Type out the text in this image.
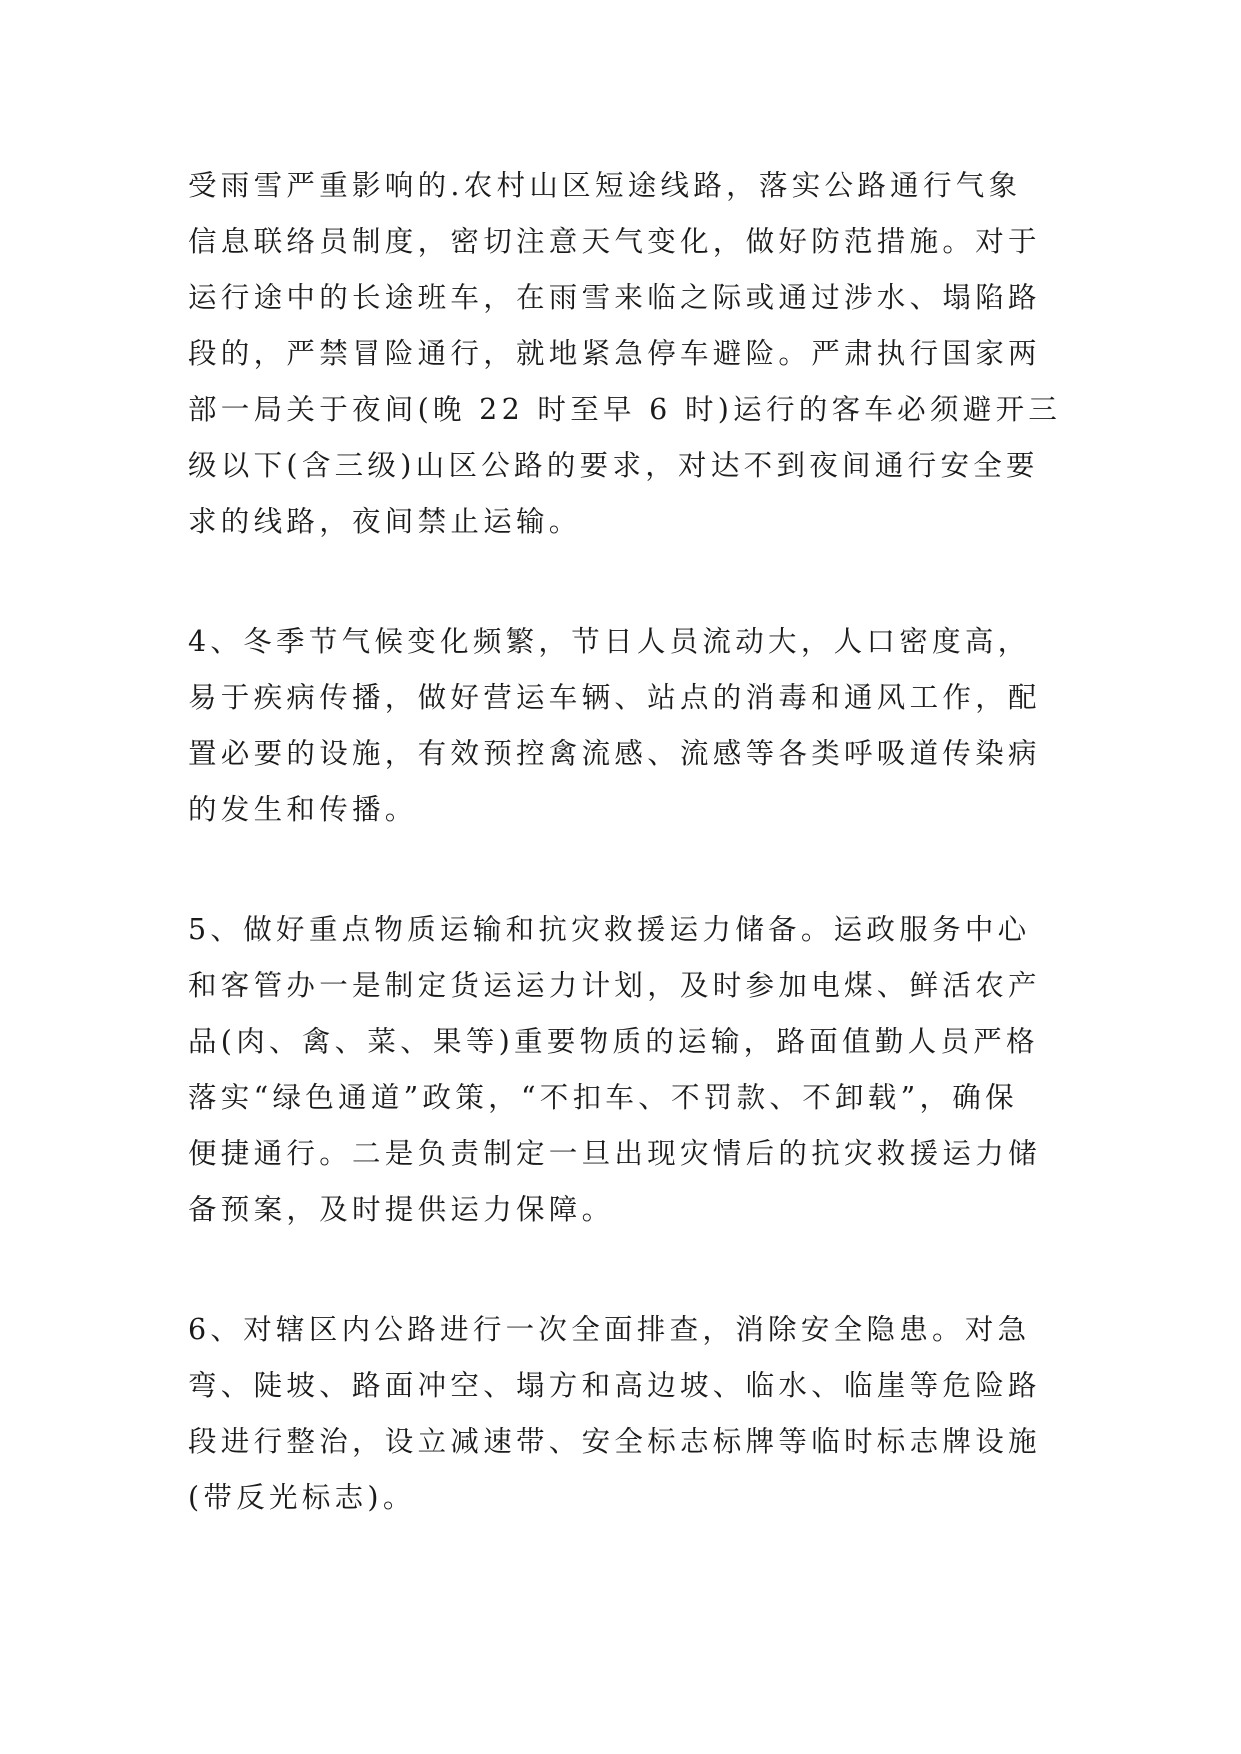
受雨雪严重影响的.农村山区短途线路，落实公路通行气象
信息联络员制度，密切注意天气变化，做好防范措施。对于
运行途中的长途班车，在雨雪来临之际或通过涉水、塌陷路
段的，严禁冒险通行，就地紧急停车避险。严肃执行国家两
部一局关于夜间(晚 22 时至早 6 时)运行的客车必须避开三
级以下(含三级)山区公路的要求，对达不到夜间通行安全要
求的线路，夜间禁止运输。
4、冬季节气候变化频繁，节日人员流动大，人口密度高，
易于疾病传播，做好营运车辆、站点的消毒和通风工作，配
置必要的设施，有效预控禽流感、流感等各类呼吸道传染病
的发生和传播。
5、做好重点物质运输和抗灾救援运力储备。运政服务中心
和客管办一是制定货运运力计划，及时参加电煤、鲜活农产
品(肉、禽、菜、果等)重要物质的运输，路面值勤人员严格
落实“绿色通道”政策，“不扣车、不罚款、不卸载”，确保
便捷通行。二是负责制定一旦出现灾情后的抗灾救援运力储
备预案，及时提供运力保障。
6、对辖区内公路进行一次全面排查，消除安全隐患。对急
弯、陡坡、路面冲空、塌方和高边坡、临水、临崖等危险路
段进行整治，设立减速带、安全标志标牌等临时标志牌设施
(带反光标志)。
